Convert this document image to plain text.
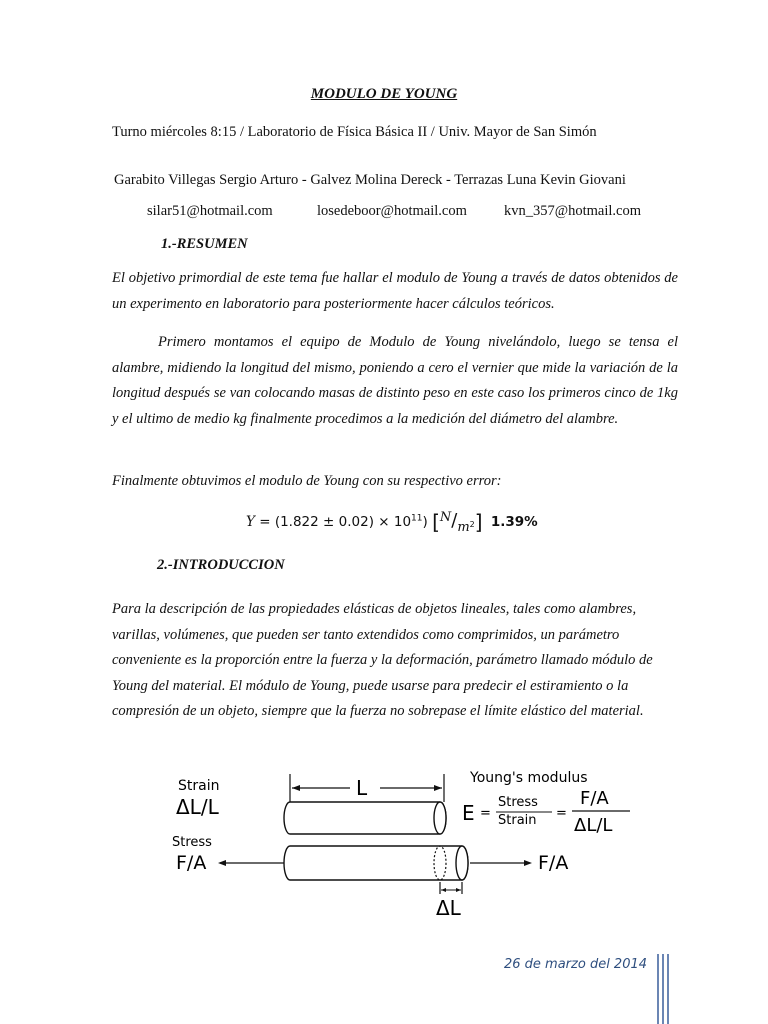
MODULO DE YOUNG
Turno miércoles 8:15 / Laboratorio de Física Básica II / Univ. Mayor de San Simón
Garabito Villegas Sergio Arturo - Galvez Molina Dereck - Terrazas Luna Kevin Giovani
silar51@hotmail.com	losedeboor@hotmail.com	kvn_357@hotmail.com
1.-RESUMEN
El objetivo primordial de este tema fue hallar el modulo de Young a través de datos obtenidos de un experimento en laboratorio para posteriormente hacer cálculos teóricos.
Primero montamos el equipo de Modulo de Young nivelándolo, luego se tensa el alambre, midiendo la longitud del mismo, poniendo a cero el vernier que mide la variación de la longitud después se van colocando masas de distinto peso en este caso los primeros cinco de 1kg y el ultimo de medio kg finalmente procedimos a la medición del diámetro del alambre.
Finalmente obtuvimos el modulo de Young con su respectivo error:
$Y = (1.822 \pm 0.02) \times 10^{11}$) $[N/m^2]$ 1.39%
2.-INTRODUCCION
Para la descripción de las propiedades elásticas de objetos lineales, tales como alambres, varillas, volúmenes, que pueden ser tanto extendidos como comprimidos, un parámetro conveniente es la proporción entre la fuerza y la deformación, parámetro llamado módulo de Young del material. El módulo de Young, puede usarse para predecir el estiramiento o la compresión de un objeto, siempre que la fuerza no sobrepase el límite elástico del material.
Strain
ΔL/L
Stress
F/A
L
F/A
ΔL
Young's modulus
E =
Stress
Strain =
F/A
ΔL/L
26 de marzo del 2014
